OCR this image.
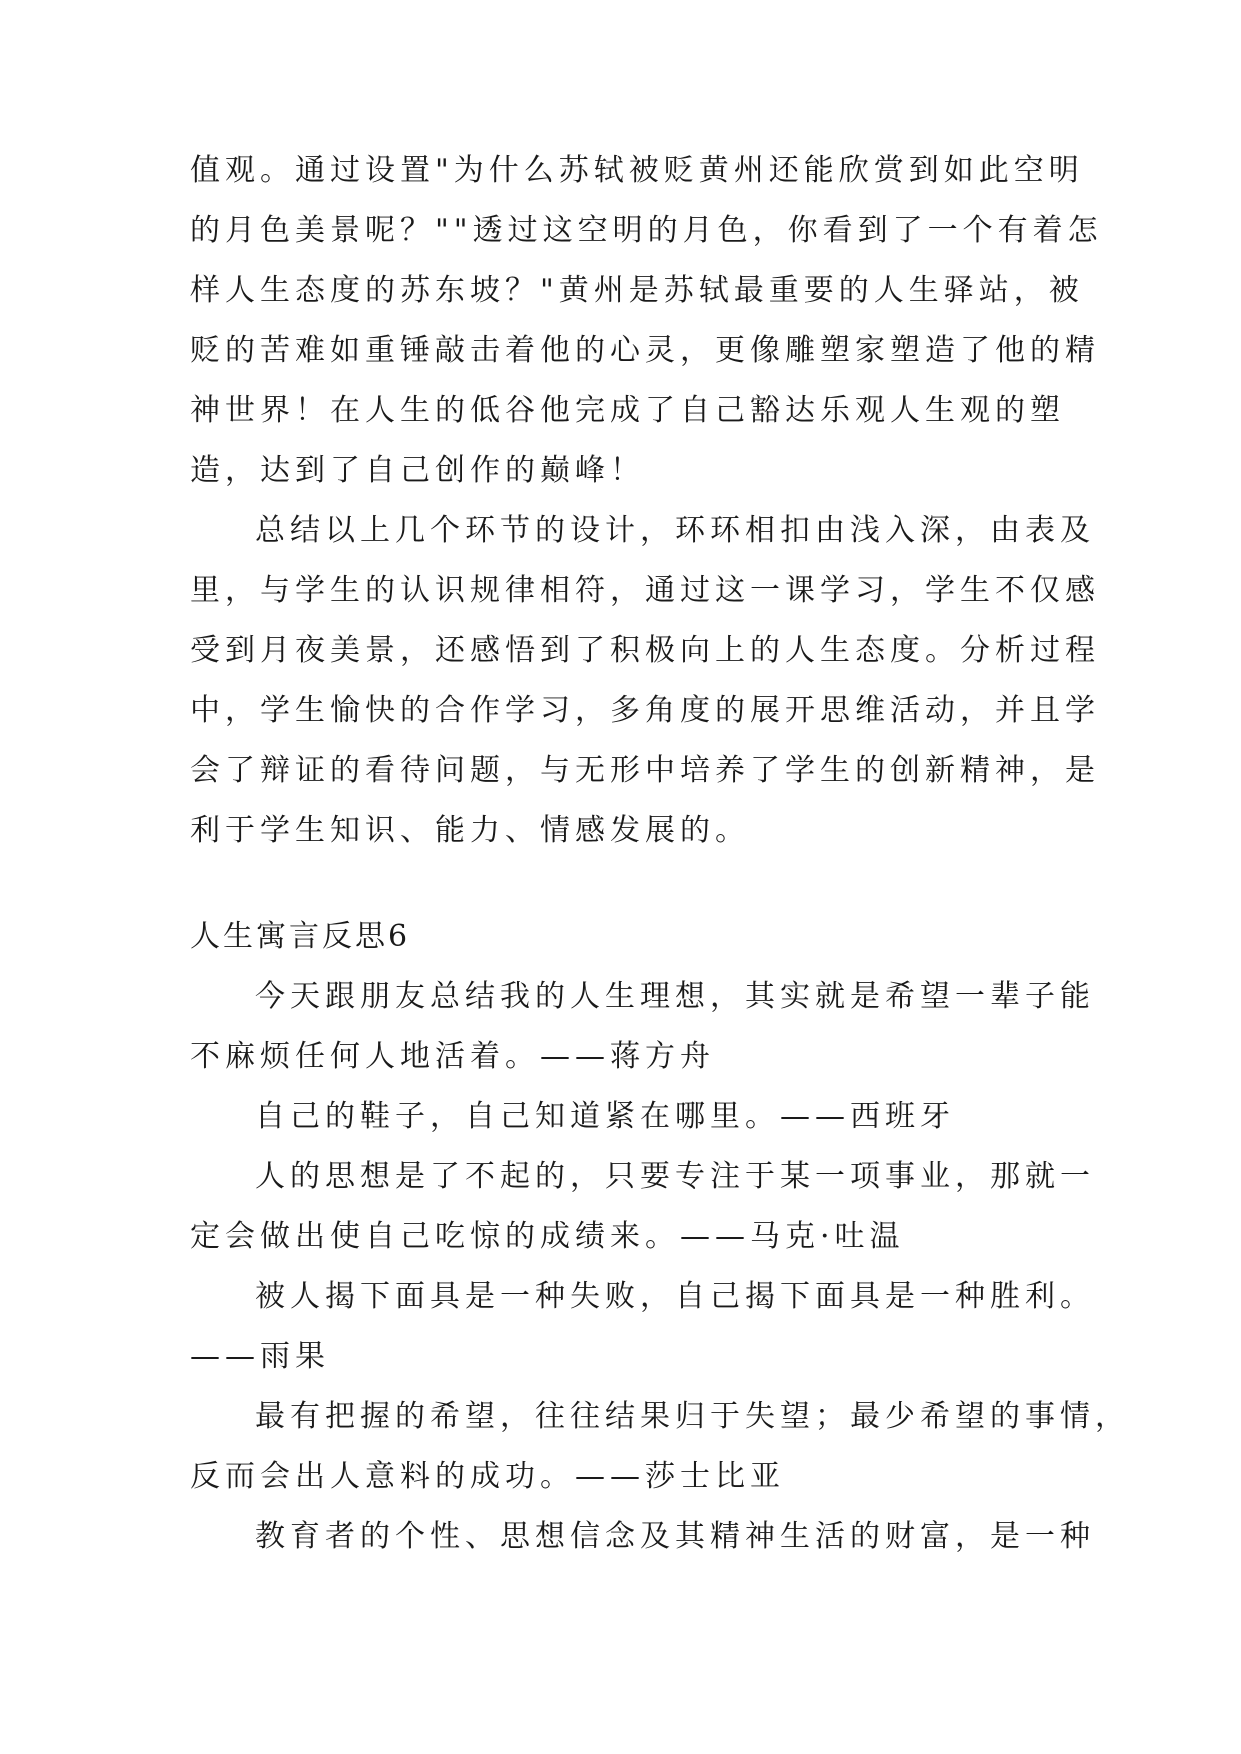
值观。通过设置"为什么苏轼被贬黄州还能欣赏到如此空明
的月色美景呢？""透过这空明的月色，你看到了一个有着怎
样人生态度的苏东坡？"黄州是苏轼最重要的人生驿站，被
贬的苦难如重锤敲击着他的心灵，更像雕塑家塑造了他的精
神世界！在人生的低谷他完成了自己豁达乐观人生观的塑
造，达到了自己创作的巅峰！
总结以上几个环节的设计，环环相扣由浅入深，由表及
里，与学生的认识规律相符，通过这一课学习，学生不仅感
受到月夜美景，还感悟到了积极向上的人生态度。分析过程
中，学生愉快的合作学习，多角度的展开思维活动，并且学
会了辩证的看待问题，与无形中培养了学生的创新精神，是
利于学生知识、能力、情感发展的。
人生寓言反思6
今天跟朋友总结我的人生理想，其实就是希望一辈子能
不麻烦任何人地活着。——蒋方舟
自己的鞋子，自己知道紧在哪里。——西班牙
人的思想是了不起的，只要专注于某一项事业，那就一
定会做出使自己吃惊的成绩来。——马克·吐温
被人揭下面具是一种失败，自己揭下面具是一种胜利。
——雨果
最有把握的希望，往往结果归于失望；最少希望的事情，
反而会出人意料的成功。——莎士比亚
教育者的个性、思想信念及其精神生活的财富，是一种
